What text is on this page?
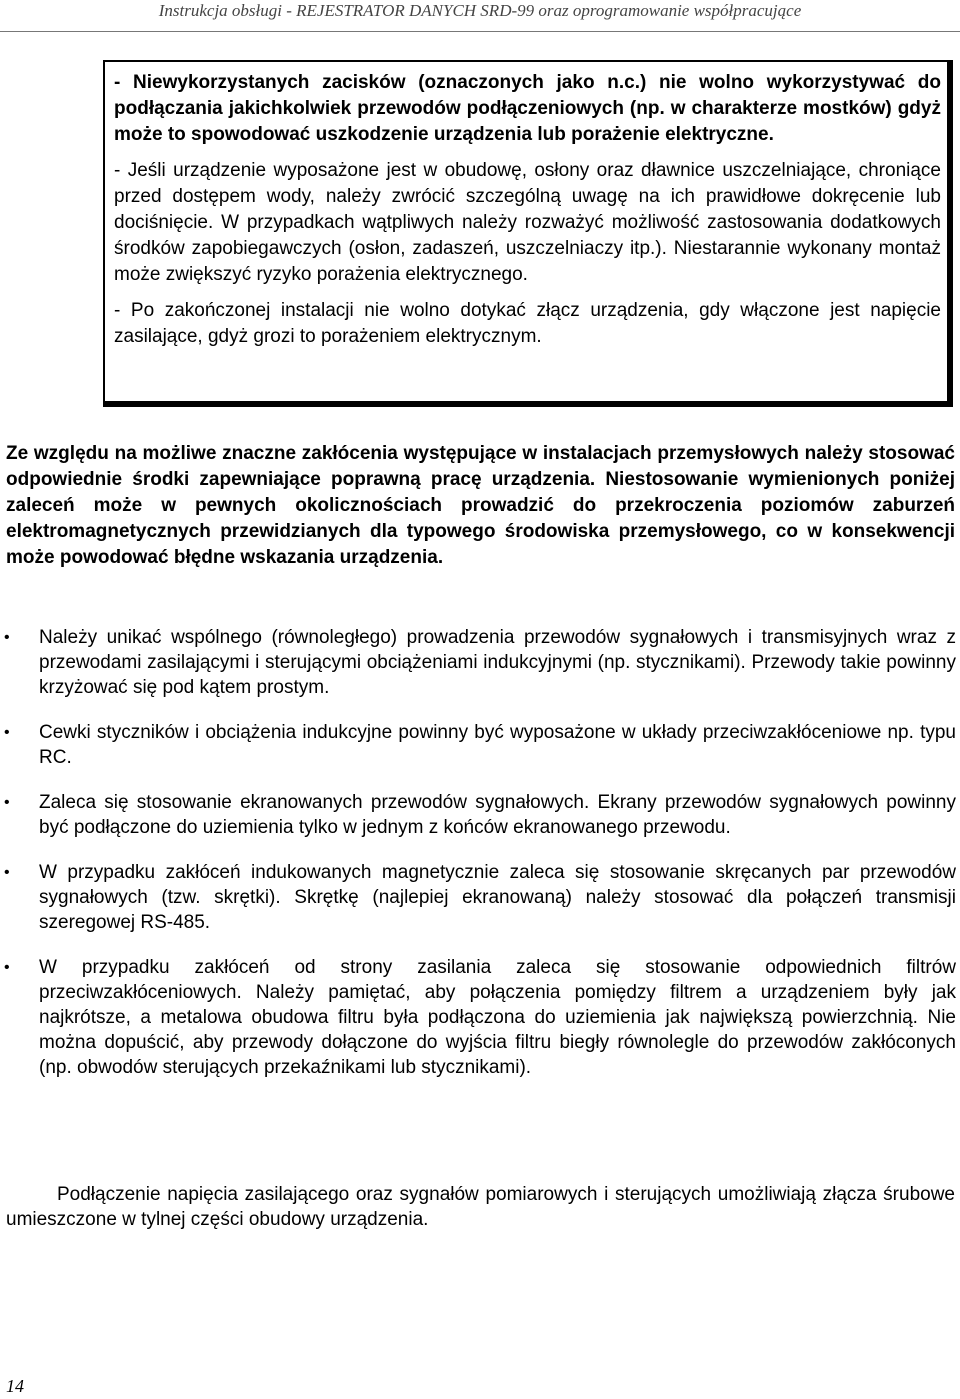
Instrukcja obsługi - REJESTRATOR DANYCH SRD-99 oraz oprogramowanie współpracujące

- Niewykorzystanych zacisków (oznaczonych jako n.c.) nie wolno wykorzystywać do podłączania jakichkolwiek przewodów podłączeniowych (np. w charakterze mostków) gdyż może to spowodować uszkodzenie urządzenia lub porażenie elektryczne.

- Jeśli urządzenie wyposażone jest w obudowę, osłony oraz dławnice uszczelniające, chroniące przed dostępem wody, należy zwrócić szczególną uwagę na ich prawidłowe dokręcenie lub dociśnięcie. W przypadkach wątpliwych należy rozważyć możliwość zastosowania dodatkowych środków zapobiegawczych (osłon, zadaszeń, uszczelniaczy itp.). Niestarannie wykonany montaż może zwiększyć ryzyko porażenia elektrycznego.

- Po zakończonej instalacji nie wolno dotykać złącz urządzenia, gdy włączone jest napięcie zasilające, gdyż grozi to porażeniem elektrycznym.

Ze względu na możliwe znaczne zakłócenia występujące w instalacjach przemysłowych należy stosować odpowiednie środki zapewniające poprawną pracę urządzenia. Niestosowanie wymienionych poniżej zaleceń może w pewnych okolicznościach prowadzić do przekroczenia poziomów zaburzeń elektromagnetycznych przewidzianych dla typowego środowiska przemysłowego, co w konsekwencji może powodować błędne wskazania urządzenia.

• Należy unikać wspólnego (równoległego) prowadzenia przewodów sygnałowych i transmisyjnych wraz z przewodami zasilającymi i sterującymi obciążeniami indukcyjnymi (np. stycznikami). Przewody takie powinny krzyżować się pod kątem prostym.
• Cewki styczników i obciążenia indukcyjne powinny być wyposażone w układy przeciwzakłóceniowe np. typu RC.
• Zaleca się stosowanie ekranowanych przewodów sygnałowych. Ekrany przewodów sygnałowych powinny być podłączone do uziemienia tylko w jednym z końców ekranowanego przewodu.
• W przypadku zakłóceń indukowanych magnetycznie zaleca się stosowanie skręcanych par przewodów sygnałowych (tzw. skrętki). Skrętkę (najlepiej ekranowaną) należy stosować dla połączeń transmisji szeregowej RS-485.
• W przypadku zakłóceń od strony zasilania zaleca się stosowanie odpowiednich filtrów przeciwzakłóceniowych. Należy pamiętać, aby połączenia pomiędzy filtrem a urządzeniem były jak najkrótsze, a metalowa obudowa filtru była podłączona do uziemienia jak największą powierzchnią. Nie można dopuścić, aby przewody dołączone do wyjścia filtru biegły równolegle do przewodów zakłóconych (np. obwodów sterujących przekaźnikami lub stycznikami).

Podłączenie napięcia zasilającego oraz sygnałów pomiarowych i sterujących umożliwiają złącza śrubowe umieszczone w tylnej części obudowy urządzenia.

14
